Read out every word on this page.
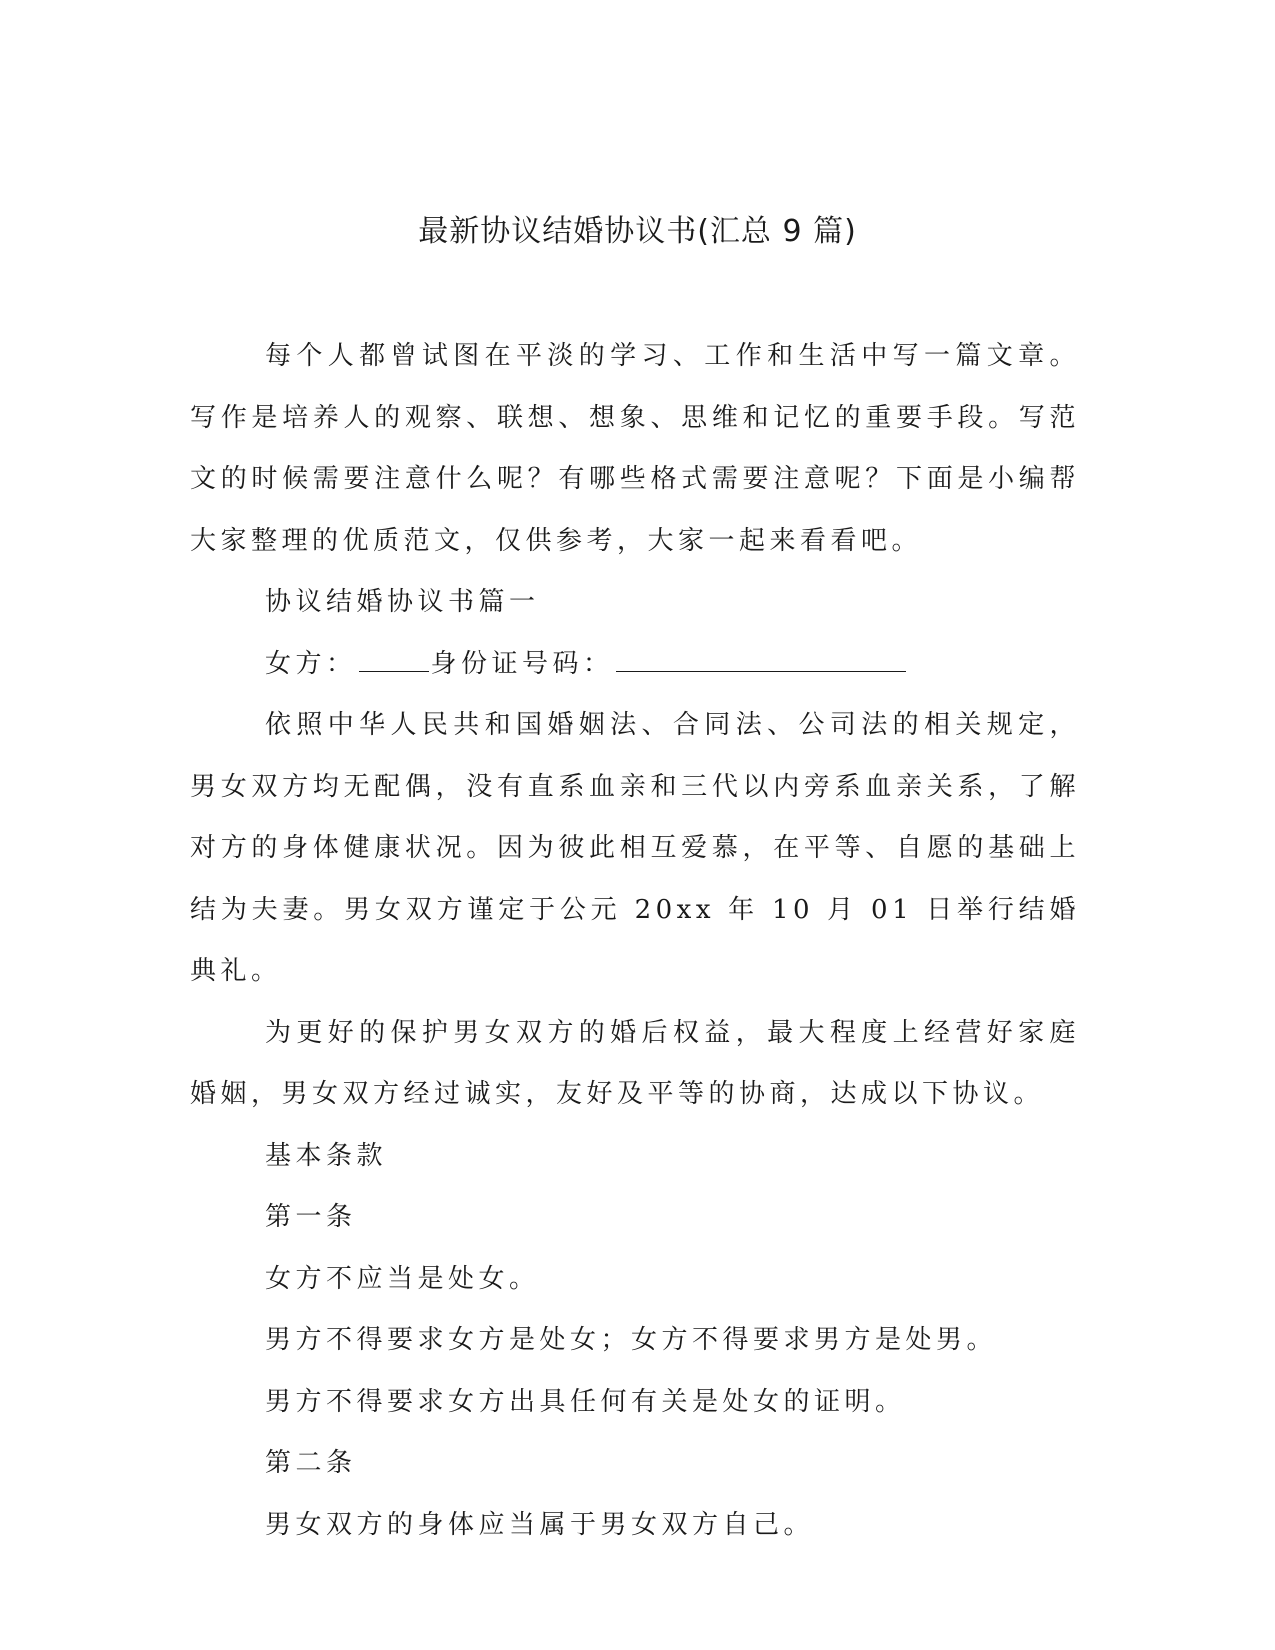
最新协议结婚协议书(汇总 9 篇)

每个人都曾试图在平淡的学习、工作和生活中写一篇文章。写作是培养人的观察、联想、想象、思维和记忆的重要手段。写范文的时候需要注意什么呢？有哪些格式需要注意呢？下面是小编帮大家整理的优质范文，仅供参考，大家一起来看看吧。

协议结婚协议书篇一

女方：	身份证号码：

依照中华人民共和国婚姻法、合同法、公司法的相关规定，男女双方均无配偶，没有直系血亲和三代以内旁系血亲关系，了解对方的身体健康状况。因为彼此相互爱慕，在平等、自愿的基础上结为夫妻。男女双方谨定于公元 20xx 年 10 月 01 日举行结婚典礼。

为更好的保护男女双方的婚后权益，最大程度上经营好家庭婚姻，男女双方经过诚实，友好及平等的协商，达成以下协议。

基本条款

第一条

女方不应当是处女。

男方不得要求女方是处女；女方不得要求男方是处男。

男方不得要求女方出具任何有关是处女的证明。

第二条

男女双方的身体应当属于男女双方自己。
